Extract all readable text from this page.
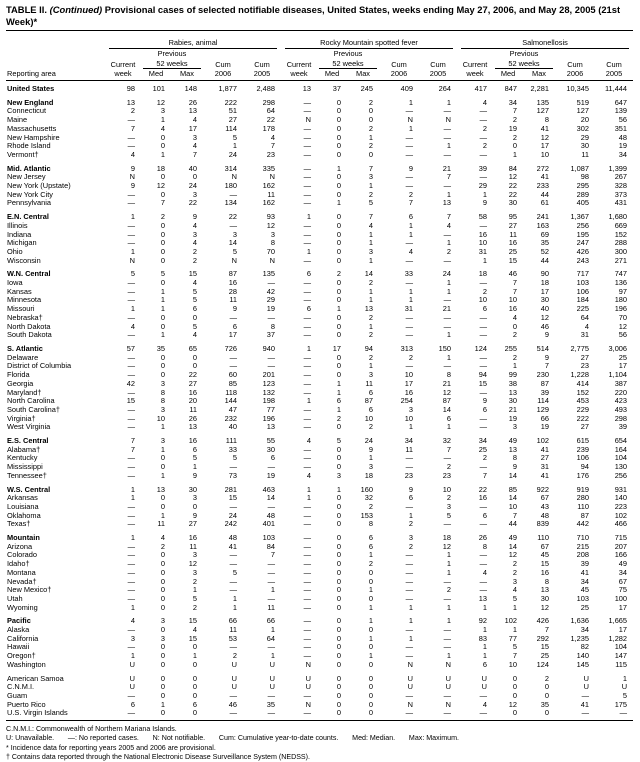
TABLE II. (Continued) Provisional cases of selected notifiable diseases, United States, weeks ending May 27, 2006, and May 28, 2005 (21st Week)*

	Rabies, animal					Rocky Mountain spotted fever					Salmonellosis				

		Previous					Previous					Previous			
	Current	52 weeks		Cum	Cum	Current	52 weeks		Cum	Cum	Current	52 weeks		Cum	Cum
Reporting area	week	Med	Max	2006	2005	week	Med	Max	2006	2005	week	Med	Max	2006	2005
United States	98	101	148	1,877	2,488	13	37	245	409	264	417	847	2,281	10,345	11,444
New England	13	12	26	222	298	—	0	2	1	1	4	34	135	519	647
Connecticut	2	3	13	51	64	—	0	0	—	—	—	7	127	127	139
Maine	—	1	4	27	22	N	0	0	N	N	—	2	8	20	56
Massachusetts	7	4	17	114	178	—	0	2	1	—	2	19	41	302	351
New Hampshire	—	0	3	5	4	—	0	1	—	—	—	2	12	29	48
Rhode Island	—	0	4	1	7	—	0	2	—	1	2	0	17	30	19
Vermont†	4	1	7	24	23	—	0	0	—	—	—	1	10	11	34
Mid. Atlantic	9	18	40	314	335	—	1	7	9	21	39	84	272	1,087	1,399
New Jersey	N	0	0	N	N	—	0	3	—	7	—	12	41	98	267
New York (Upstate)	9	12	24	180	162	—	0	1	—	—	29	22	233	295	328
New York City	—	0	3	—	11	—	0	2	2	1	1	22	44	289	373
Pennsylvania	—	7	22	134	162	—	1	5	7	13	9	30	61	405	431
E.N. Central	1	2	9	22	93	1	0	7	6	7	58	95	241	1,367	1,680
Illinois	—	0	4	—	12	—	0	4	1	4	—	27	163	256	669
Indiana	—	0	3	3	3	—	0	1	1	—	16	11	69	195	152
Michigan	—	0	4	14	8	—	0	1	—	1	10	16	35	247	288
Ohio	1	0	2	5	70	1	0	3	4	2	31	25	52	426	300
Wisconsin	N	0	2	N	N	—	0	1	—	—	1	15	44	243	271
W.N. Central	5	5	15	87	135	6	2	14	33	24	18	46	90	717	747
Iowa	—	0	4	16	—	—	0	2	—	1	—	7	18	103	136
Kansas	—	1	5	28	42	—	0	1	1	1	2	7	17	106	97
Minnesota	—	1	5	11	29	—	0	1	1	—	10	10	30	184	180
Missouri	1	1	6	9	19	6	1	13	31	21	6	16	40	225	196
Nebraska†	—	0	0	—	—	—	0	2	—	—	—	4	12	64	70
North Dakota	4	0	5	6	8	—	0	1	—	—	—	0	46	4	12
South Dakota	—	1	4	17	37	—	0	2	—	1	—	2	9	31	56
S. Atlantic	57	35	65	726	940	1	17	94	313	150	124	255	514	2,775	3,006
Delaware	—	0	0	—	—	—	0	2	2	1	—	2	9	27	25
District of Columbia	—	0	0	—	—	—	0	1	—	—	—	1	7	23	17
Florida	—	0	22	60	201	—	0	3	10	8	94	99	230	1,228	1,104
Georgia	42	3	27	85	123	—	1	11	17	21	15	38	87	414	387
Maryland†	—	8	16	118	132	—	1	6	16	12	—	13	39	152	220
North Carolina	15	8	20	144	198	1	6	87	254	87	9	30	114	453	423
South Carolina†	—	3	11	47	77	—	1	6	3	14	6	21	129	229	493
Virginia†	—	10	26	232	196	—	2	10	10	6	—	19	66	222	298
West Virginia	—	1	13	40	13	—	0	2	1	1	—	3	19	27	39
E.S. Central	7	3	16	111	55	4	5	24	34	32	34	49	102	615	654
Alabama†	7	1	6	33	30	—	0	9	11	7	25	13	41	239	164
Kentucky	—	0	5	5	6	—	0	1	—	—	2	8	27	106	104
Mississippi	—	0	1	—	—	—	0	3	—	2	—	9	31	94	130
Tennessee†	—	1	9	73	19	4	3	18	23	23	7	14	41	176	256
W.S. Central	1	13	30	281	463	1	1	160	9	10	22	85	922	919	931
Arkansas	1	0	3	15	14	1	0	32	6	2	16	14	67	280	140
Louisiana	—	0	0	—	—	—	0	2	—	3	—	10	43	110	223
Oklahoma	—	1	9	24	48	—	0	153	1	5	6	7	48	87	102
Texas†	—	11	27	242	401	—	0	8	2	—	—	44	839	442	466
Mountain	1	4	16	48	103	—	0	6	3	18	26	49	110	710	715
Arizona	—	2	11	41	84	—	0	6	2	12	8	14	67	215	207
Colorado	—	0	3	—	7	—	0	1	—	1	—	12	45	208	166
Idaho†	—	0	12	—	—	—	0	2	—	1	—	2	15	39	49
Montana	—	0	3	5	—	—	0	0	—	1	4	2	16	41	34
Nevada†	—	0	2	—	—	—	0	0	—	—	—	3	8	34	67
New Mexico†	—	0	1	—	1	—	0	1	—	2	—	4	13	45	75
Utah	—	0	5	1	—	—	0	0	—	—	13	5	30	103	100
Wyoming	1	0	2	1	11	—	0	1	1	1	1	1	12	25	17
Pacific	4	3	15	66	66	—	0	1	1	1	92	102	426	1,636	1,665
Alaska	—	0	4	11	1	—	0	0	—	—	1	1	7	34	17
California	3	3	15	53	64	—	0	1	1	—	83	77	292	1,235	1,282
Hawaii	—	0	0	—	—	—	0	0	—	—	1	5	15	82	104
Oregon†	1	0	1	2	1	—	0	1	—	1	1	7	25	140	147
Washington	U	0	0	U	U	N	0	0	N	N	6	10	124	145	115
American Samoa	U	0	0	U	U	U	0	0	U	U	U	0	2	U	1
C.N.M.I.	U	0	0	U	U	U	0	0	U	U	U	0	0	U	U
Guam	—	0	0	—	—	—	0	0	—	—	—	0	0	—	5
Puerto Rico	6	1	6	46	35	N	0	0	N	N	4	12	35	41	175
U.S. Virgin Islands	—	0	0	—	—	—	0	0	—	—	—	0	0	—	—
C.N.M.I.: Commonwealth of Northern Mariana Islands.
U: Unavailable.       —: No reported cases.       N: Not notifiable.       Cum: Cumulative year-to-date counts.       Med: Median.       Max: Maximum.
* Incidence data for reporting years 2005 and 2006 are provisional.
† Contains data reported through the National Electronic Disease Surveillance System (NEDSS).
